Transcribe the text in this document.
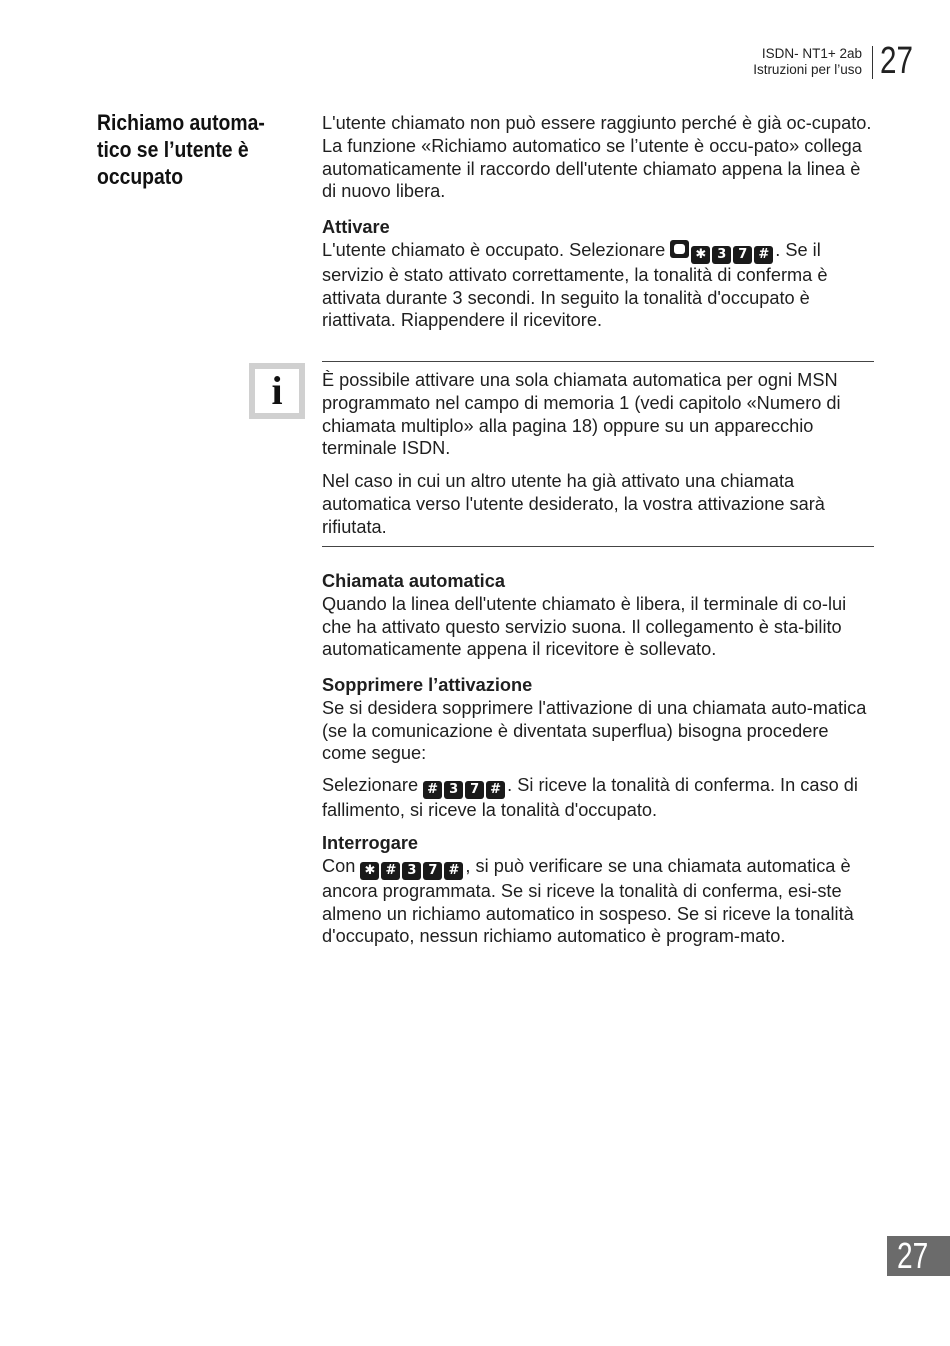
ISDN- NT1+ 2ab
Istruzioni per l’uso 27
Richiamo automa-tico se l’utente è occupato

L'utente chiamato non può essere raggiunto perché è già oc-cupato. La funzione «Richiamo automatico se l’utente è occu-pato» collega automaticamente il raccordo dell'utente chiamato appena la linea è di nuovo libera.

Attivare

L'utente chiamato è occupato. Selezionare ✱ 3 7 # . Se il servizio è stato attivato correttamente, la tonalità di conferma è attivata durante 3 secondi. In seguito la tonalità d'occupato è riattivata. Riappendere il ricevitore.

i	È possibile attivare una sola chiamata automatica per ogni MSN programmato nel campo di memoria 1 (vedi capitolo «Numero di chiamata multiplo» alla pagina 18) oppure su un apparecchio terminale ISDN.

Nel caso in cui un altro utente ha già attivato una chiamata automatica verso l'utente desiderato, la vostra attivazione sarà rifiutata.

Chiamata automatica

Quando la linea dell'utente chiamato è libera, il terminale di co-lui che ha attivato questo servizio suona. Il collegamento è sta-bilito automaticamente appena il ricevitore è sollevato.

Sopprimere l’attivazione

Se si desidera sopprimere l'attivazione di una chiamata auto-matica (se la comunicazione è diventata superflua) bisogna procedere come segue:

Selezionare # 3 7 # . Si riceve la tonalità di conferma. In caso di fallimento, si riceve la tonalità d'occupato.

Interrogare

Con ✱ # 3 7 # , si può verificare se una chiamata automatica è ancora programmata. Se si riceve la tonalità di conferma, esi-ste almeno un richiamo automatico in sospeso. Se si riceve la tonalità d'occupato, nessun richiamo automatico è program-mato.

27
